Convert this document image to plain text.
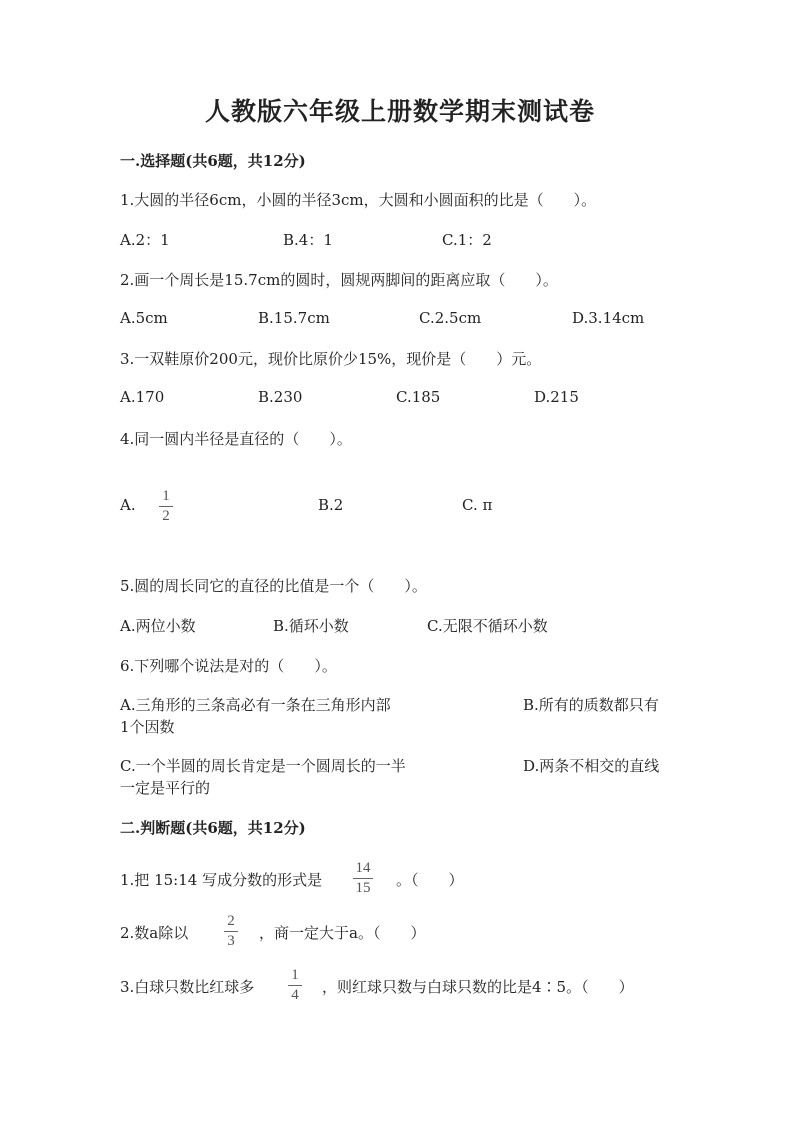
人教版六年级上册数学期末测试卷
一.选择题(共6题，共12分)
1.大圆的半径6cm，小圆的半径3cm，大圆和小圆面积的比是（　　）。
A.2：1	B.4：1	C.1：2
2.画一个周长是15.7cm的圆时，圆规两脚间的距离应取（　　）。
A.5cm	B.15.7cm	C.2.5cm	D.3.14cm
3.一双鞋原价200元，现价比原价少15%，现价是（　　）元。
A.170	B.230	C.185	D.215
4.同一圆内半径是直径的（　　）。
A. 1
2
B.2	C. π
5.圆的周长同它的直径的比值是一个（　　）。
A.两位小数	B.循环小数	C.无限不循环小数
6.下列哪个说法是对的（　　）。
A.三角形的三条高必有一条在三角形内部	B.所有的质数都只有
1个因数
C.一个半圆的周长肯定是一个圆周长的一半	D.两条不相交的直线
一定是平行的
二.判断题(共6题，共12分)
1.把 15:14 写成分数的形式是
14
15 。（　　）
2.数a除以
2
3 ，商一定大于a。（　　）
3.白球只数比红球多
1
4 ，则红球只数与白球只数的比是4∶5。（　　）
